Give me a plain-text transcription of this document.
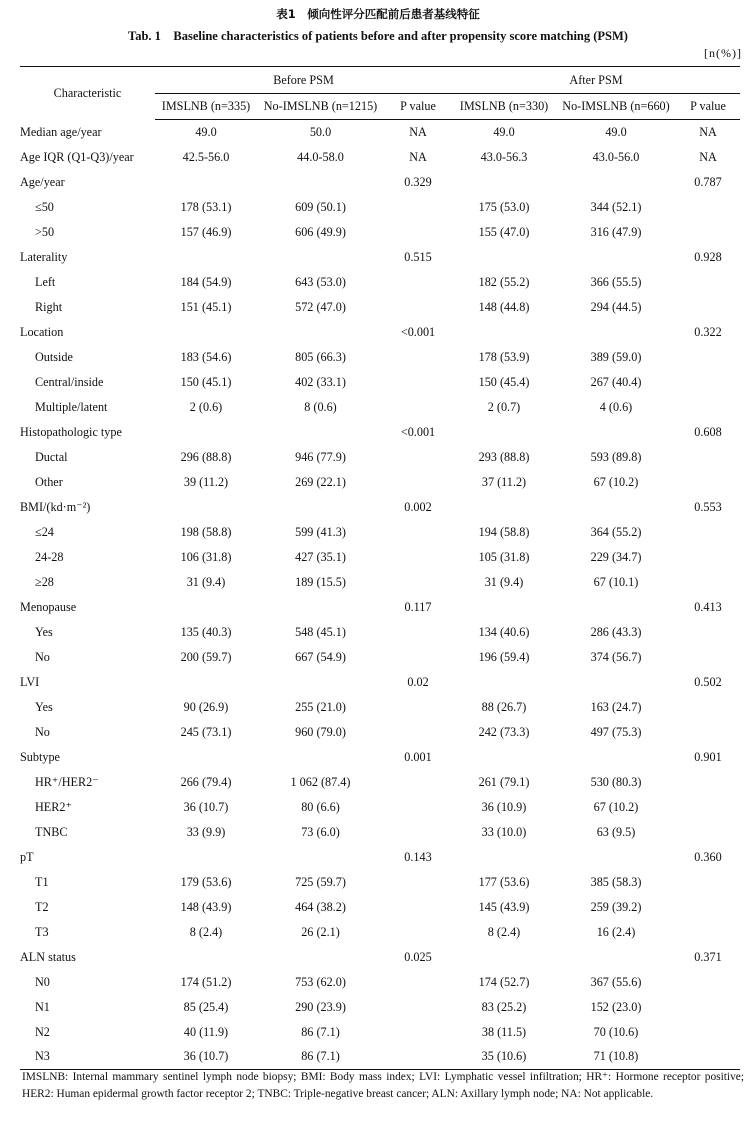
表1　倾向性评分匹配前后患者基线特征
Tab. 1　Baseline characteristics of patients before and after propensity score matching (PSM)
[n(%)]
Characteristic	Before PSM			After PSM		
	IMSLNB (n=335)	No-IMSLNB (n=1215)	P value	IMSLNB (n=330)	No-IMSLNB (n=660)	P value
Median age/year	49.0	50.0	NA	49.0	49.0	NA
Age IQR (Q1-Q3)/year	42.5-56.0	44.0-58.0	NA	43.0-56.3	43.0-56.0	NA
Age/year			0.329			0.787
≤50	178 (53.1)	609 (50.1)		175 (53.0)	344 (52.1)	
>50	157 (46.9)	606 (49.9)		155 (47.0)	316 (47.9)	
Laterality			0.515			0.928
Left	184 (54.9)	643 (53.0)		182 (55.2)	366 (55.5)	
Right	151 (45.1)	572 (47.0)		148 (44.8)	294 (44.5)	
Location			<0.001			0.322
Outside	183 (54.6)	805 (66.3)		178 (53.9)	389 (59.0)	
Central/inside	150 (45.1)	402 (33.1)		150 (45.4)	267 (40.4)	
Multiple/latent	2 (0.6)	8 (0.6)		2 (0.7)	4 (0.6)	
Histopathologic type			<0.001			0.608
Ductal	296 (88.8)	946 (77.9)		293 (88.8)	593 (89.8)	
Other	39 (11.2)	269 (22.1)		37 (11.2)	67 (10.2)	
BMI/(kd·m⁻²)			0.002			0.553
≤24	198 (58.8)	599 (41.3)		194 (58.8)	364 (55.2)	
24-28	106 (31.8)	427 (35.1)		105 (31.8)	229 (34.7)	
≥28	31 (9.4)	189 (15.5)		31 (9.4)	67 (10.1)	
Menopause			0.117			0.413
Yes	135 (40.3)	548 (45.1)		134 (40.6)	286 (43.3)	
No	200 (59.7)	667 (54.9)		196 (59.4)	374 (56.7)	
LVI			0.02			0.502
Yes	90 (26.9)	255 (21.0)		88 (26.7)	163 (24.7)	
No	245 (73.1)	960 (79.0)		242 (73.3)	497 (75.3)	
Subtype			0.001			0.901
HR⁺/HER2⁻	266 (79.4)	1 062 (87.4)		261 (79.1)	530 (80.3)	
HER2⁺	36 (10.7)	80 (6.6)		36 (10.9)	67 (10.2)	
TNBC	33 (9.9)	73 (6.0)		33 (10.0)	63 (9.5)	
pT			0.143			0.360
T1	179 (53.6)	725 (59.7)		177 (53.6)	385 (58.3)	
T2	148 (43.9)	464 (38.2)		145 (43.9)	259 (39.2)	
T3	8 (2.4)	26 (2.1)		8 (2.4)	16 (2.4)	
ALN status			0.025			0.371
N0	174 (51.2)	753 (62.0)		174 (52.7)	367 (55.6)	
N1	85 (25.4)	290 (23.9)		83 (25.2)	152 (23.0)	
N2	40 (11.9)	86 (7.1)		38 (11.5)	70 (10.6)	
N3	36 (10.7)	86 (7.1)		35 (10.6)	71 (10.8)	
IMSLNB: Internal mammary sentinel lymph node biopsy; BMI: Body mass index; LVI: Lymphatic vessel infiltration; HR⁺: Hormone receptor positive; HER2: Human epidermal growth factor receptor 2; TNBC: Triple-negative breast cancer; ALN: Axillary lymph node; NA: Not applicable.
